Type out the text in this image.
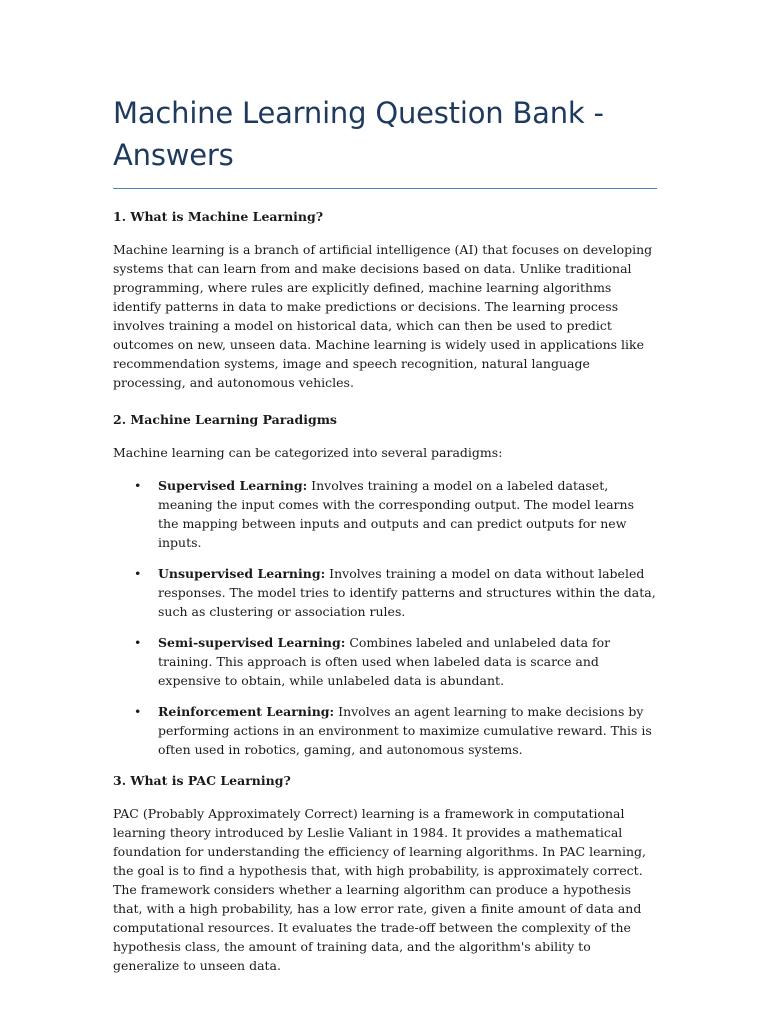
Machine Learning Question Bank -
Answers
1. What is Machine Learning?

Machine learning is a branch of artificial intelligence (AI) that focuses on developing systems that can learn from and make decisions based on data. Unlike traditional programming, where rules are explicitly defined, machine learning algorithms identify patterns in data to make predictions or decisions. The learning process involves training a model on historical data, which can then be used to predict outcomes on new, unseen data. Machine learning is widely used in applications like recommendation systems, image and speech recognition, natural language processing, and autonomous vehicles.

2. Machine Learning Paradigms

Machine learning can be categorized into several paradigms:

• Supervised Learning: Involves training a model on a labeled dataset, meaning the input comes with the corresponding output. The model learns the mapping between inputs and outputs and can predict outputs for new inputs.
• Unsupervised Learning: Involves training a model on data without labeled responses. The model tries to identify patterns and structures within the data, such as clustering or association rules.
• Semi-supervised Learning: Combines labeled and unlabeled data for training. This approach is often used when labeled data is scarce and expensive to obtain, while unlabeled data is abundant.
• Reinforcement Learning: Involves an agent learning to make decisions by performing actions in an environment to maximize cumulative reward. This is often used in robotics, gaming, and autonomous systems.
3. What is PAC Learning?

PAC (Probably Approximately Correct) learning is a framework in computational learning theory introduced by Leslie Valiant in 1984. It provides a mathematical foundation for understanding the efficiency of learning algorithms. In PAC learning, the goal is to find a hypothesis that, with high probability, is approximately correct. The framework considers whether a learning algorithm can produce a hypothesis that, with a high probability, has a low error rate, given a finite amount of data and computational resources. It evaluates the trade-off between the complexity of the hypothesis class, the amount of training data, and the algorithm's ability to generalize to unseen data.
